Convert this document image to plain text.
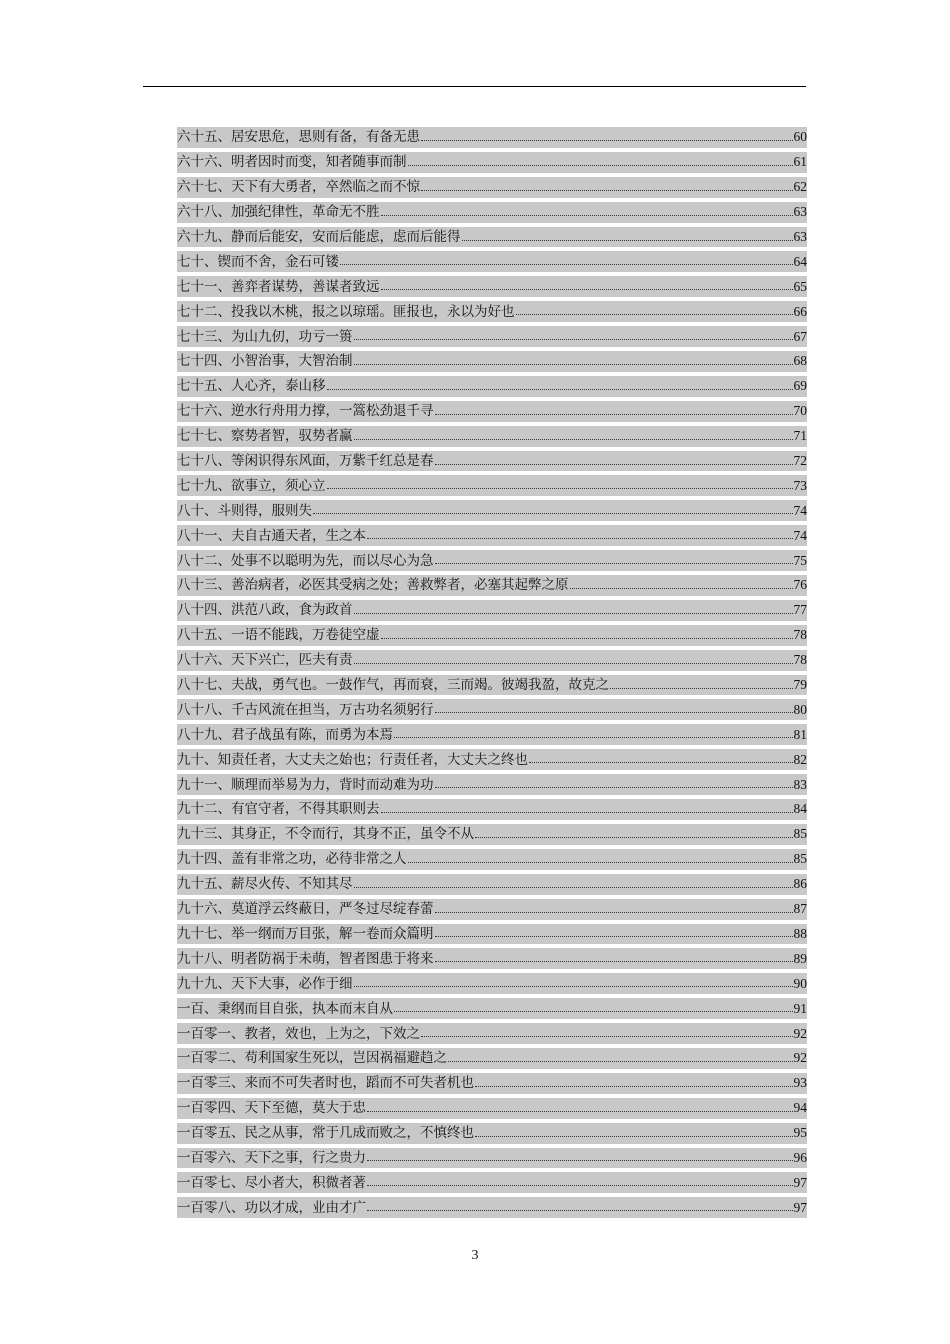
六十五、居安思危，思则有备，有备无患	60
六十六、明者因时而变，知者随事而制	61
六十七、天下有大勇者，卒然临之而不惊	62
六十八、加强纪律性，革命无不胜	63
六十九、静而后能安，安而后能虑，虑而后能得	63
七十、锲而不舍，金石可镂	64
七十一、善弈者谋势，善谋者致远	65
七十二、投我以木桃，报之以琼瑶。匪报也，永以为好也	66
七十三、为山九仞，功亏一篑	67
七十四、小智治事，大智治制	68
七十五、人心齐，泰山移	69
七十六、逆水行舟用力撑，一篙松劲退千寻	70
七十七、察势者智，驭势者赢	71
七十八、等闲识得东风面，万紫千红总是春	72
七十九、欲事立，须心立	73
八十、斗则得，服则失	74
八十一、夫自古通天者，生之本	74
八十二、处事不以聪明为先，而以尽心为急	75
八十三、善治病者，必医其受病之处；善救弊者，必塞其起弊之原	76
八十四、洪范八政，食为政首	77
八十五、一语不能践，万卷徒空虚	78
八十六、天下兴亡，匹夫有责	78
八十七、夫战，勇气也。一鼓作气，再而衰，三而竭。彼竭我盈，故克之	79
八十八、千古风流在担当，万古功名须躬行	80
八十九、君子战虽有陈，而勇为本焉	81
九十、知责任者，大丈夫之始也；行责任者，大丈夫之终也	82
九十一、顺理而举易为力，背时而动难为功	83
九十二、有官守者，不得其职则去	84
九十三、其身正，不令而行，其身不正，虽令不从	85
九十四、盖有非常之功，必待非常之人	85
九十五、薪尽火传、不知其尽	86
九十六、莫道浮云终蔽日，严冬过尽绽春蕾	87
九十七、举一纲而万目张，解一卷而众篇明	88
九十八、明者防祸于未萌，智者图患于将来	89
九十九、天下大事，必作于细	90
一百、秉纲而目自张，执本而末自从	91
一百零一、教者，效也，上为之，下效之	92
一百零二、苟利国家生死以，岂因祸福避趋之	92
一百零三、来而不可失者时也，蹈而不可失者机也	93
一百零四、天下至德，莫大于忠	94
一百零五、民之从事，常于几成而败之，不慎终也	95
一百零六、天下之事，行之贵力	96
一百零七、尽小者大，积微者著	97
一百零八、功以才成，业由才广	97
3
